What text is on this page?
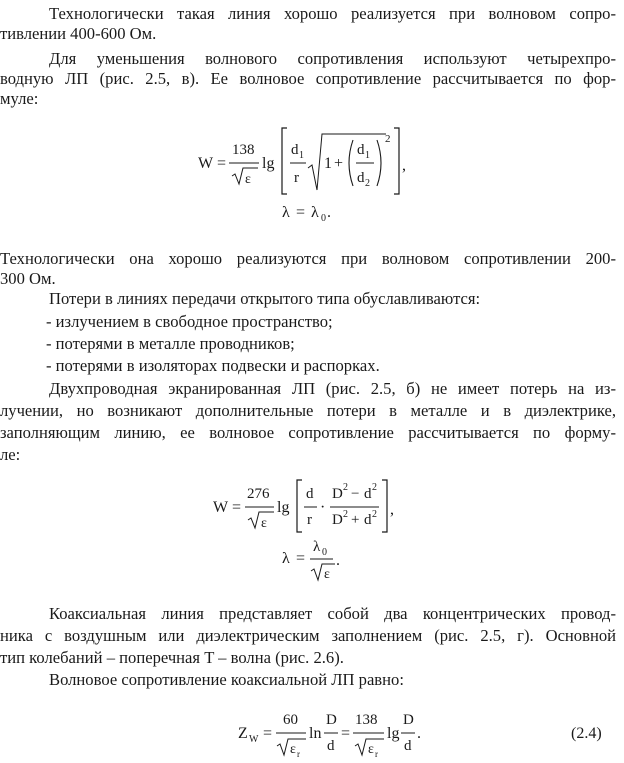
Технологически такая линия хорошо реализуется при волновом сопро-
тивлении 400-600 Ом.
Для уменьшения волнового сопротивления используют четырехпро-
водную ЛП (рис. 2.5, в). Ее волновое сопротивление рассчитывается по фор-
муле:
W =
138
ε
lg
d 1
r
1 +
d 1
d 2
2
,
λ = λ 0 .
Технологически она хорошо реализуются при волновом сопротивлении 200-
300 Ом.
Потери в линиях передачи открытого типа обуславливаются:
- излучением в свободное пространство;
- потерями в металле проводников;
- потерями в изоляторах подвески и распорках.
Двухпроводная экранированная ЛП (рис. 2.5, б) не имеет потерь на из-
лучении, но возникают дополнительные потери в металле и в диэлектрике,
заполняющим линию, ее волновое сопротивление рассчитывается по форму-
ле:
W =
276
ε
lg
d
r
·
D 2 − d 2
D 2 + d 2 ,
λ =
λ 0
ε
.
Коаксиальная линия представляет собой два концентрических провод-
ника с воздушным или диэлектрическим заполнением (рис. 2.5, г). Основной
тип колебаний – поперечная T – волна (рис. 2.6).
Волновое сопротивление коаксиальной ЛП равно:
Z W =
60
ε r
ln
D
d
=
138
ε r
lg
D
d
.	(2.4)
